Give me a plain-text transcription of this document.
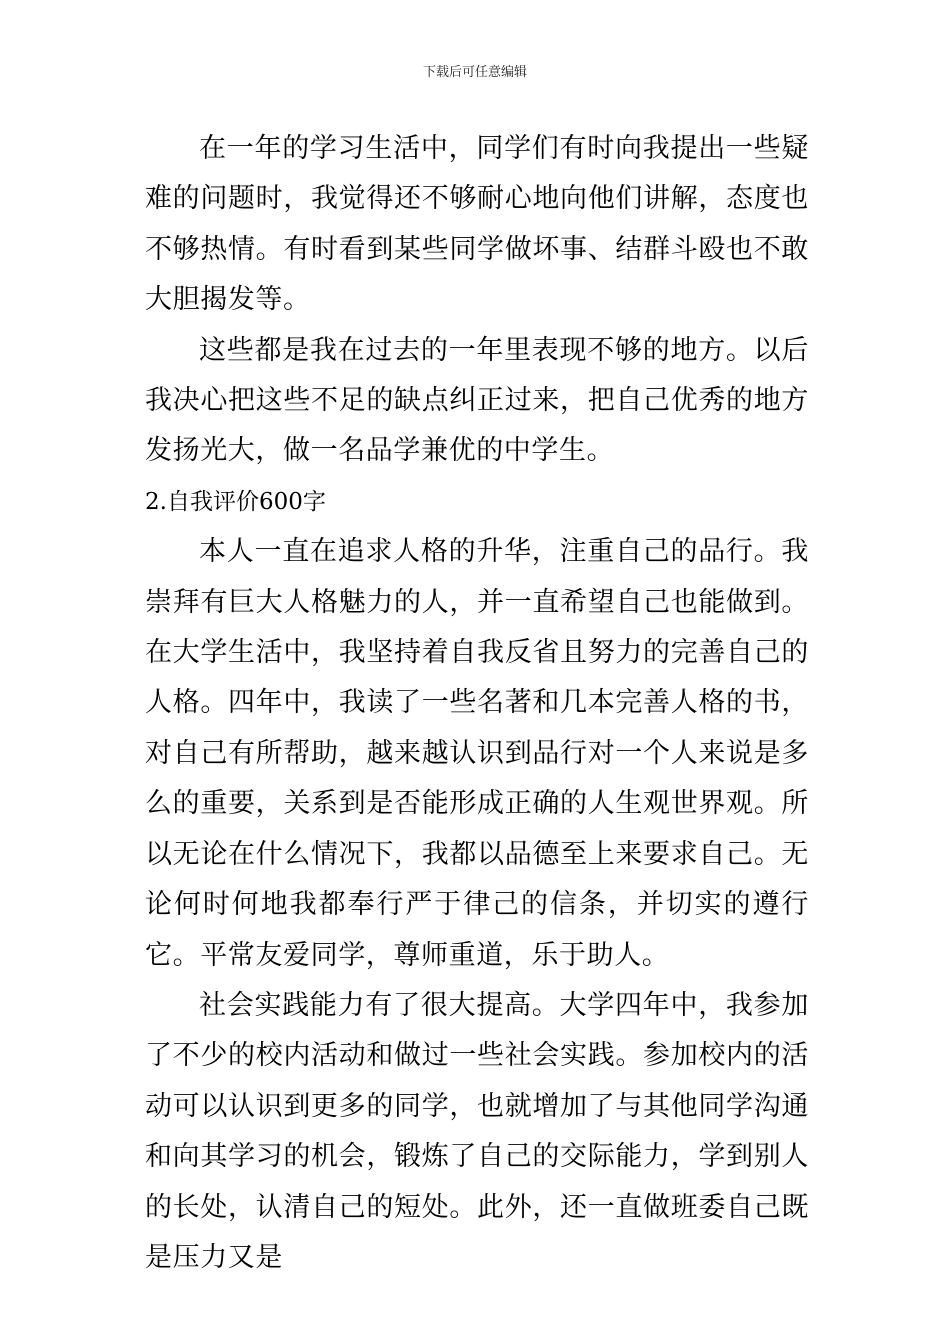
下载后可任意编辑

在一年的学习生活中，同学们有时向我提出一些疑难的问题时，我觉得还不够耐心地向他们讲解，态度也不够热情。有时看到某些同学做坏事、结群斗殴也不敢大胆揭发等。

这些都是我在过去的一年里表现不够的地方。以后我决心把这些不足的缺点纠正过来，把自己优秀的地方发扬光大，做一名品学兼优的中学生。

2.自我评价600字

本人一直在追求人格的升华，注重自己的品行。我崇拜有巨大人格魅力的人，并一直希望自己也能做到。在大学生活中，我坚持着自我反省且努力的完善自己的人格。四年中，我读了一些名著和几本完善人格的书，对自己有所帮助，越来越认识到品行对一个人来说是多么的重要，关系到是否能形成正确的人生观世界观。所以无论在什么情况下，我都以品德至上来要求自己。无论何时何地我都奉行严于律己的信条，并切实的遵行它。平常友爱同学，尊师重道，乐于助人。

社会实践能力有了很大提高。大学四年中，我参加了不少的校内活动和做过一些社会实践。参加校内的活动可以认识到更多的同学，也就增加了与其他同学沟通和向其学习的机会，锻炼了自己的交际能力，学到别人的长处，认清自己的短处。此外，还一直做班委自己既是压力又是
